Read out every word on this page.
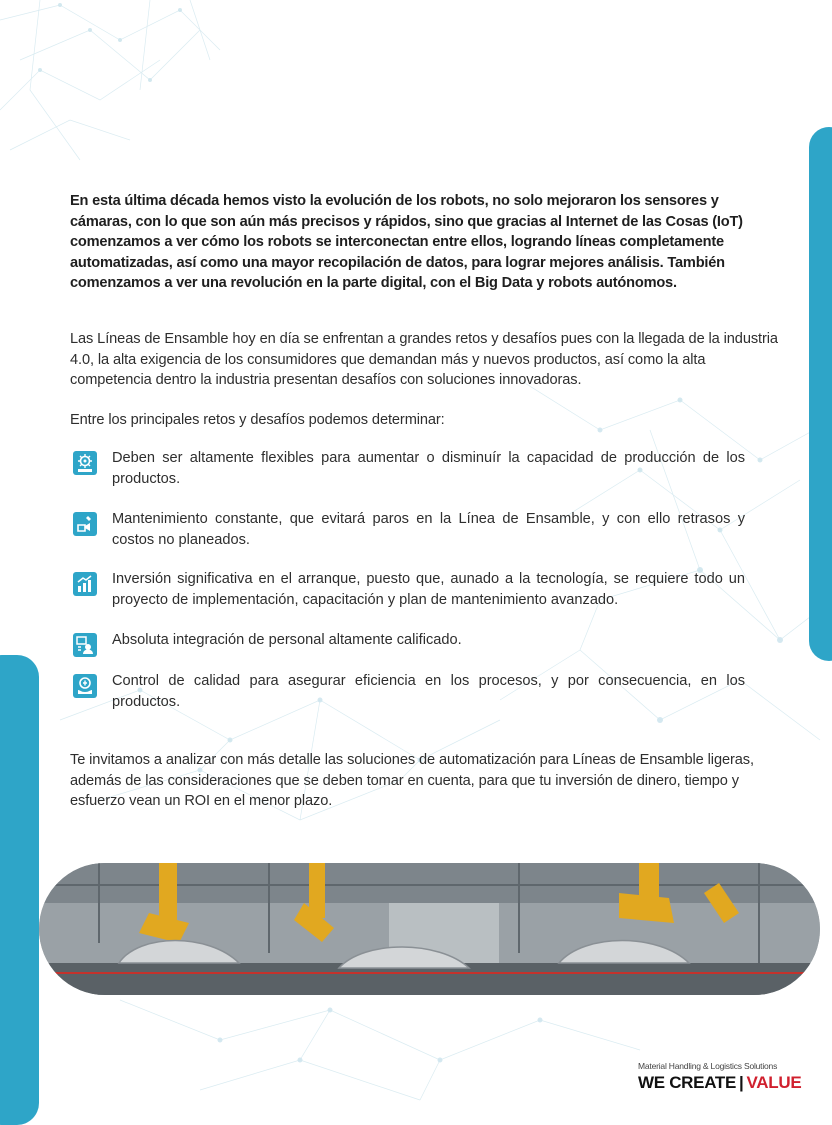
En esta última década hemos visto la evolución de los robots, no solo mejoraron los sensores y cámaras, con lo que son aún más precisos y rápidos, sino que gracias al Internet de las Cosas (IoT) comenzamos a ver cómo los robots se interconectan entre ellos, logrando líneas completamente automatizadas, así como una mayor recopilación de datos, para lograr mejores análisis. También comenzamos a ver una revolución en la parte digital, con el Big Data y robots autónomos.

Las Líneas de Ensamble hoy en día se enfrentan a grandes retos y desafíos pues con la llegada de la industria 4.0, la alta exigencia de los consumidores que demandan más y nuevos productos, así como la alta competencia dentro la industria presentan desafíos con soluciones innovadoras.

Entre los principales retos y desafíos podemos determinar:

Deben ser altamente flexibles para aumentar o disminuír la capacidad de producción de los productos.

Mantenimiento constante, que evitará paros en la Línea de Ensamble, y con ello retrasos y costos no planeados.

Inversión significativa en el arranque, puesto que, aunado a la tecnología, se requiere todo un proyecto de implementación, capacitación y plan de mantenimiento avanzado.

Absoluta integración de personal altamente calificado.

Control de calidad para asegurar eficiencia en los procesos, y por consecuencia, en los productos.

Te invitamos a analizar con más detalle las soluciones de automatización para Líneas de Ensamble ligeras, además de las consideraciones que se deben tomar en cuenta, para que tu inversión de dinero, tiempo y esfuerzo vean un ROI en el menor plazo.

Material Handling & Logistics Solutions
WE CREATE | VALUE
